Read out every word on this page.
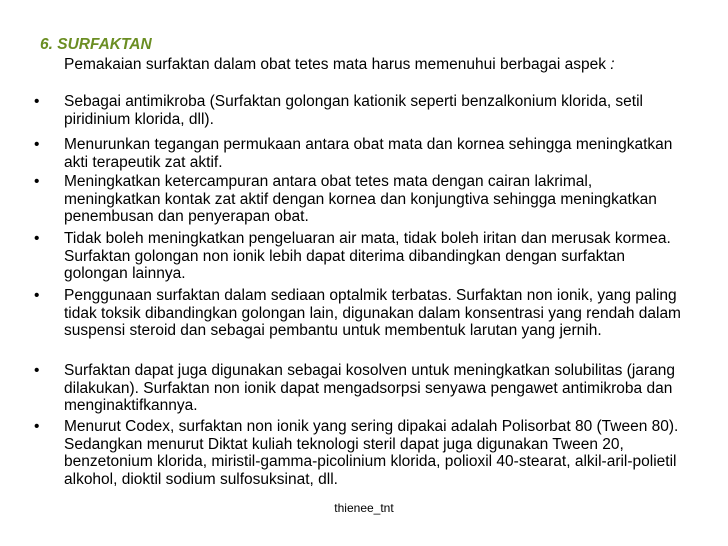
6. SURFAKTAN
Pemakaian surfaktan dalam obat tetes mata harus memenuhui berbagai aspek :
•	Sebagai antimikroba (Surfaktan golongan kationik seperti benzalkonium klorida, setil piridinium klorida, dll).
•	Menurunkan tegangan permukaan antara obat mata dan kornea sehingga meningkatkan akti terapeutik zat aktif.
•	Meningkatkan ketercampuran antara obat tetes mata dengan cairan lakrimal, meningkatkan kontak zat aktif dengan kornea dan konjungtiva sehingga meningkatkan penembusan dan penyerapan obat.
•	Tidak boleh meningkatkan pengeluaran air mata, tidak boleh iritan dan merusak kormea. Surfaktan golongan non ionik lebih dapat diterima dibandingkan dengan surfaktan golongan lainnya.
•	Penggunaan surfaktan dalam sediaan optalmik terbatas. Surfaktan non ionik, yang paling tidak toksik dibandingkan golongan lain, digunakan dalam konsentrasi yang rendah dalam suspensi steroid dan sebagai pembantu untuk membentuk larutan yang jernih.
•	Surfaktan dapat juga digunakan sebagai kosolven untuk meningkatkan solubilitas (jarang dilakukan). Surfaktan non ionik dapat mengadsorpsi senyawa pengawet antimikroba dan menginaktifkannya.
•	Menurut Codex, surfaktan non ionik yang sering dipakai adalah Polisorbat 80 (Tween 80). Sedangkan menurut Diktat kuliah teknologi steril dapat juga digunakan Tween 20, benzetonium klorida, miristil-gamma-picolinium klorida, polioxil 40-stearat, alkil-aril-polietil alkohol, dioktil sodium sulfosuksinat, dll.
thienee_tnt
